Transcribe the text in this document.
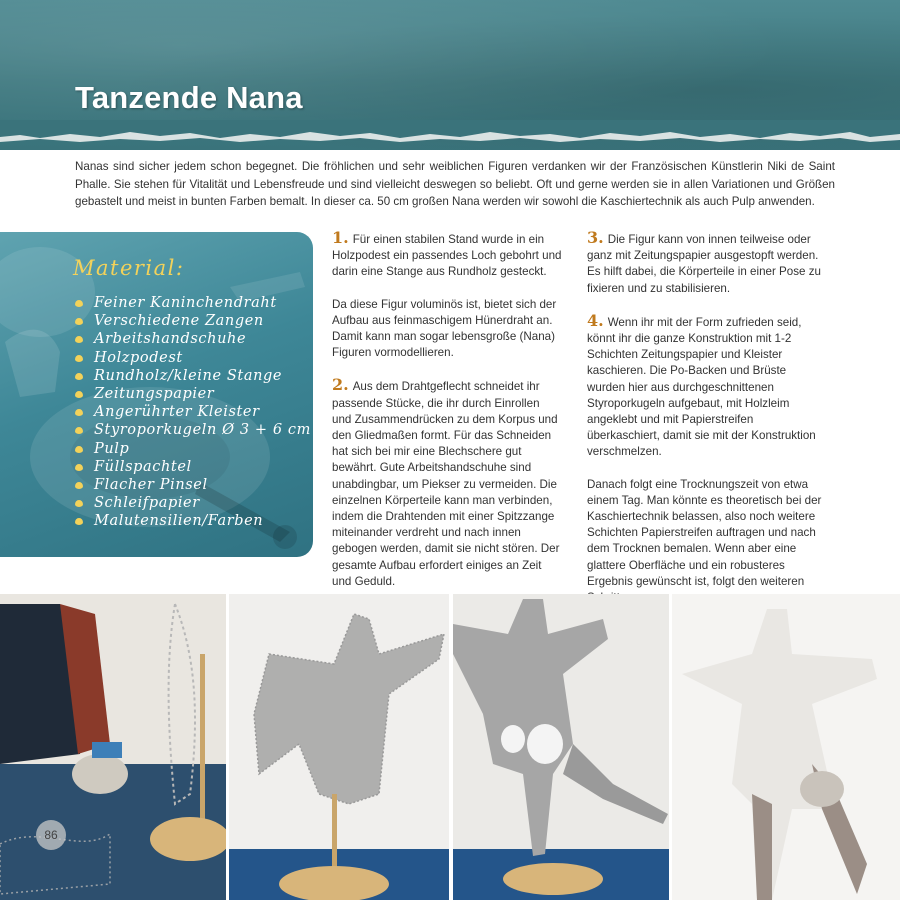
Tanzende Nana

Nanas sind sicher jedem schon begegnet. Die fröhlichen und sehr weiblichen Figuren verdanken wir der Französischen Künstlerin Niki de Saint Phalle. Sie stehen für Vitalität und Lebensfreude und sind vielleicht deswegen so beliebt. Oft und gerne werden sie in allen Variationen und Größen gebastelt und meist in bunten Farben bemalt. In dieser ca. 50 cm großen Nana werden wir sowohl die Kaschiertechnik als auch Pulp anwenden.

Material:
Feiner Kaninchendraht
Verschiedene Zangen
Arbeitshandschuhe
Holzpodest
Rundholz/kleine Stange
Zeitungspapier
Angerührter Kleister
Styroporkugeln Ø 3 + 6 cm
Pulp
Füllspachtel
Flacher Pinsel
Schleifpapier
Malutensilien/Farben

1. Für einen stabilen Stand wurde in ein Holzpodest ein passendes Loch gebohrt und darin eine Stange aus Rundholz gesteckt.

Da diese Figur voluminös ist, bietet sich der Aufbau aus feinmaschigem Hünerdraht an. Damit kann man sogar lebensgroße (Nana) Figuren vormodellieren.

2. Aus dem Drahtgeflecht schneidet ihr passende Stücke, die ihr durch Einrollen und Zusammendrücken zu dem Korpus und den Gliedmaßen formt. Für das Schneiden hat sich bei mir eine Blechschere gut bewährt. Gute Arbeitshandschuhe sind unabdingbar, um Piekser zu vermeiden. Die einzelnen Körperteile kann man verbinden, indem die Drahtenden mit einer Spitzzange miteinander verdreht und nach innen gebogen werden, damit sie nicht stören. Der gesamte Aufbau erfordert einiges an Zeit und Geduld.

3. Die Figur kann von innen teilweise oder ganz mit Zeitungspapier ausgestopft werden. Es hilft dabei, die Körperteile in einer Pose zu fixieren und zu stabilisieren.

4. Wenn ihr mit der Form zufrieden seid, könnt ihr die ganze Konstruktion mit 1-2 Schichten Zeitungspapier und Kleister kaschieren. Die Po-Backen und Brüste wurden hier aus durchgeschnittenen Styroporkugeln aufgebaut, mit Holzleim angeklebt und mit Papierstreifen überkaschiert, damit sie mit der Konstruktion verschmelzen.

Danach folgt eine Trocknungszeit von etwa einem Tag. Man könnte es theoretisch bei der Kaschiertechnik belassen, also noch weitere Schichten Papierstreifen auftragen und nach dem Trocknen bemalen. Wenn aber eine glattere Oberfläche und ein robusteres Ergebnis gewünscht ist, folgt den weiteren

86
